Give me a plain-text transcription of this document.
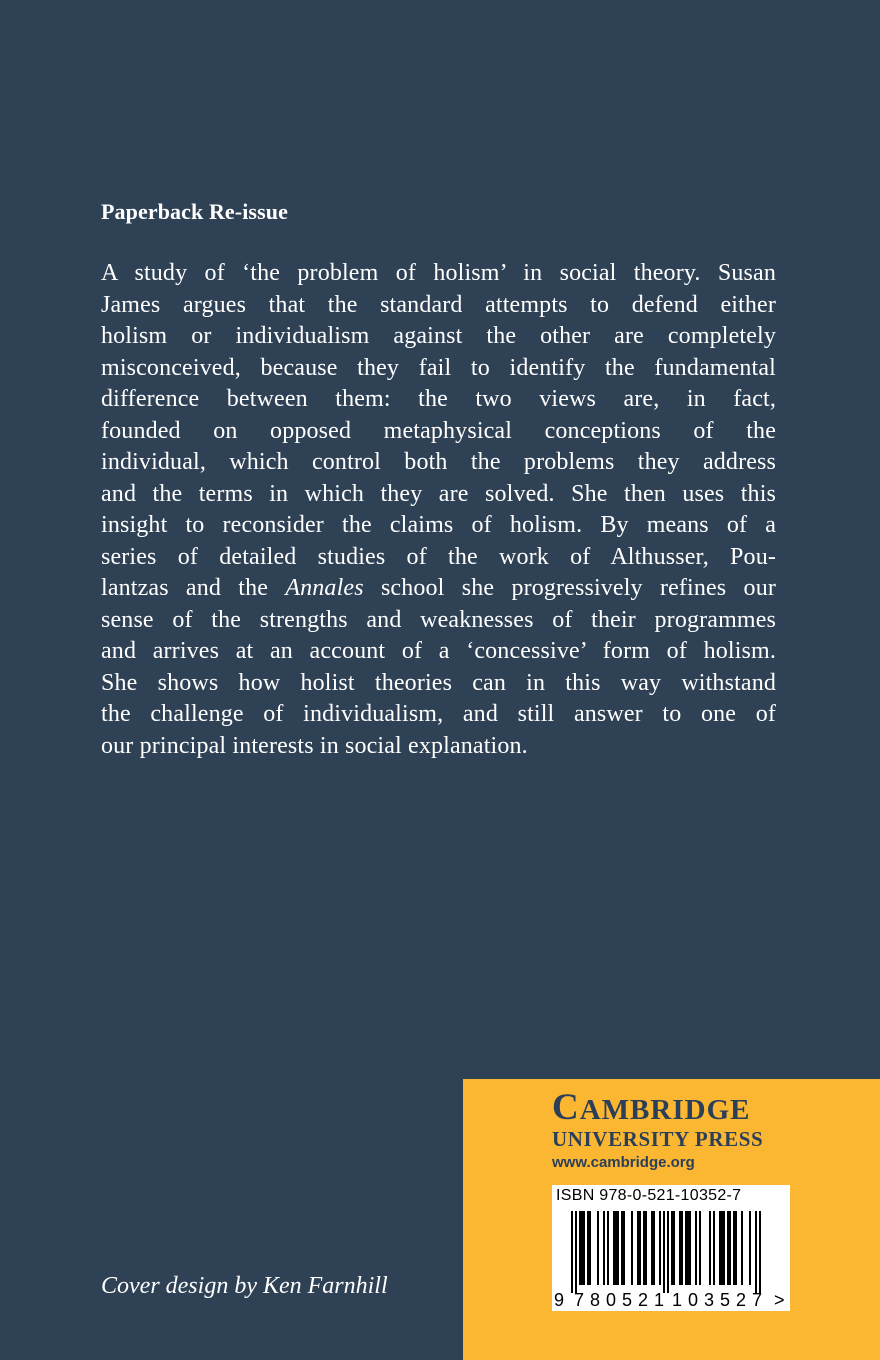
Paperback Re-issue

A study of ‘the problem of holism’ in social theory. Susan
James argues that the standard attempts to defend either
holism or individualism against the other are completely
misconceived, because they fail to identify the fundamental
difference between them: the two views are, in fact,
founded on opposed metaphysical conceptions of the
individual, which control both the problems they address
and the terms in which they are solved. She then uses this
insight to reconsider the claims of holism. By means of a
series of detailed studies of the work of Althusser, Pou-
lantzas and the Annales school she progressively refines our
sense of the strengths and weaknesses of their programmes
and arrives at an account of a ‘concessive’ form of holism.
She shows how holist theories can in this way withstand
the challenge of individualism, and still answer to one of
our principal interests in social explanation.

Cover design by Ken Farnhill

CAMBRIDGE

UNIVERSITY PRESS

www.cambridge.org

ISBN 978-0-521-10352-7

9 780521 103527 >
